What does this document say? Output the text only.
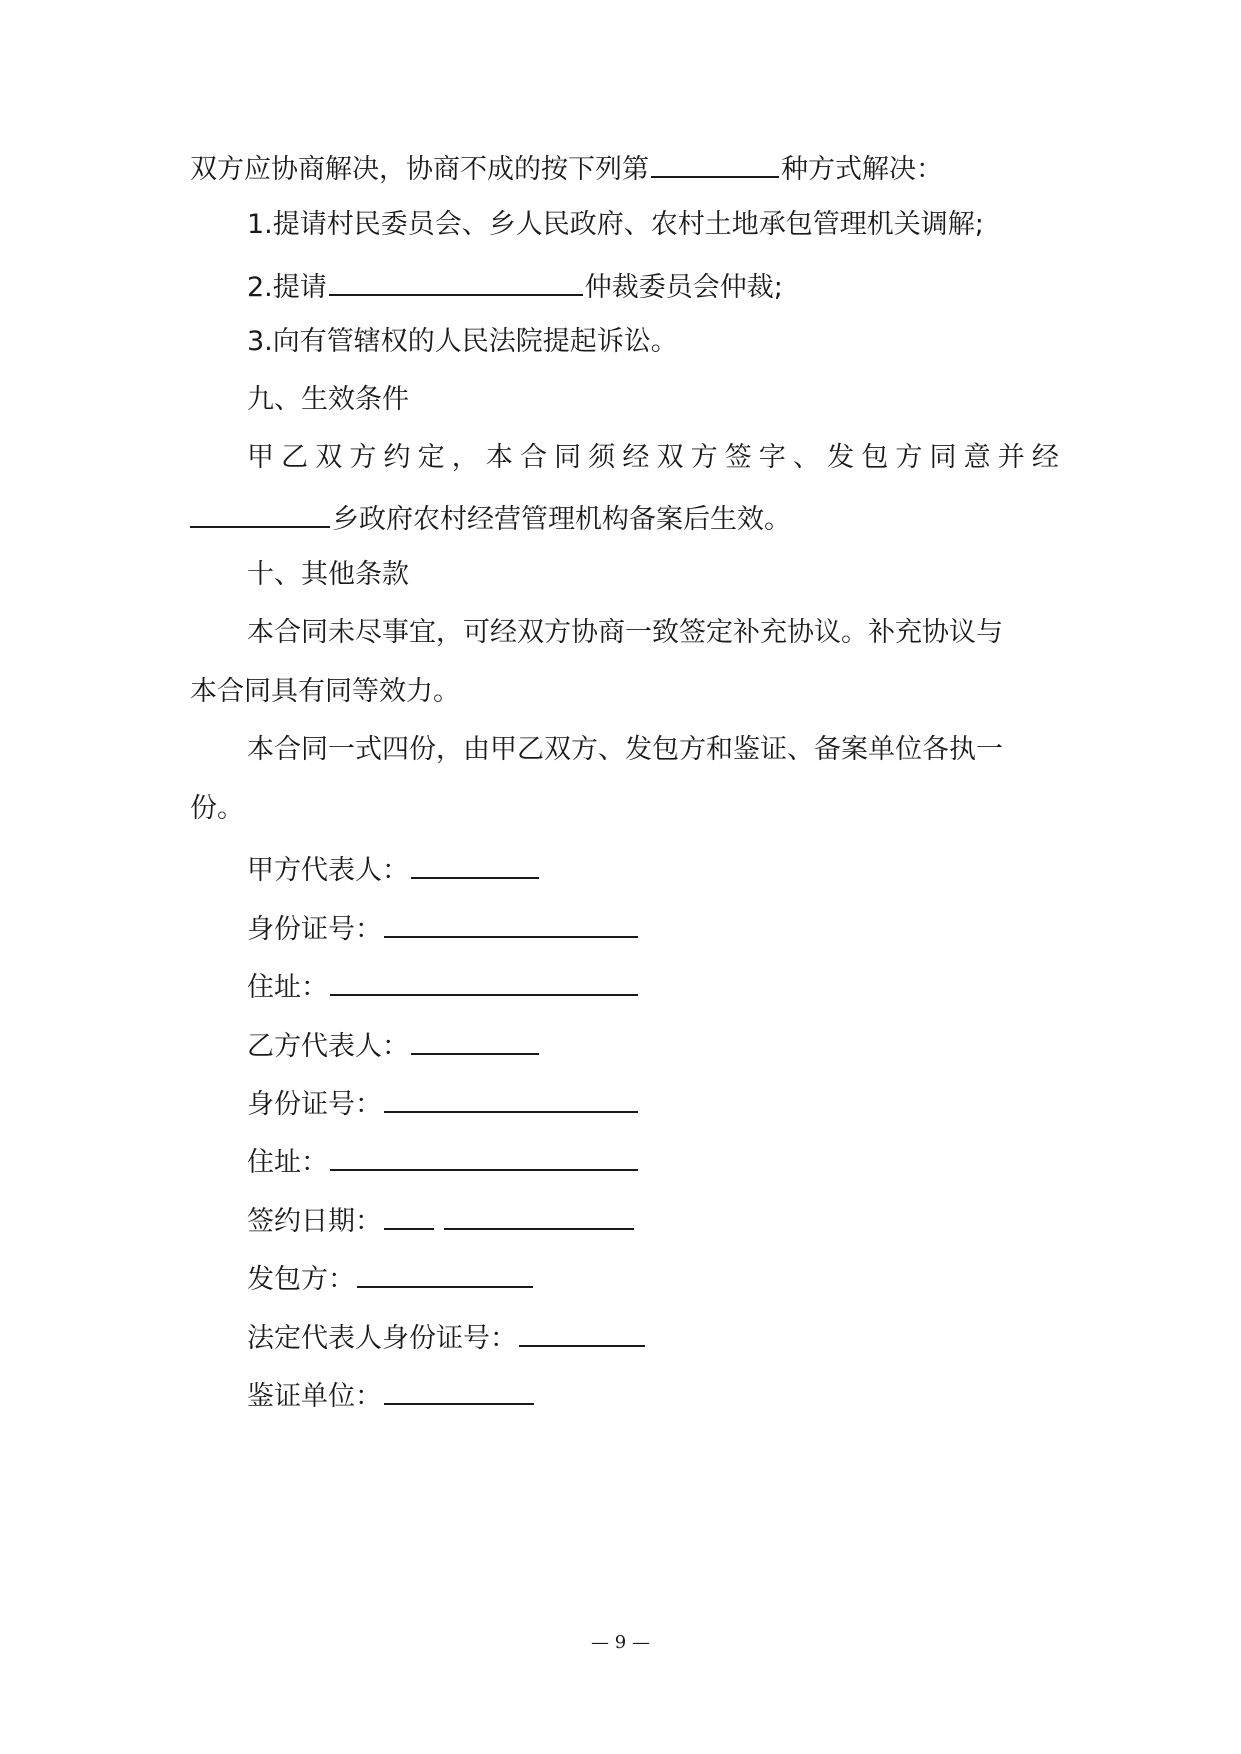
双方应协商解决，协商不成的按下列第	种方式解决：
1.提请村民委员会、乡人民政府、农村土地承包管理机关调解;
2.提请	仲裁委员会仲裁;
3.向有管辖权的人民法院提起诉讼。
九、生效条件
甲 乙 双 方 约 定 ， 本 合 同 须 经 双 方 签 字 、 发 包 方 同 意 并 经
乡政府农村经营管理机构备案后生效。
十、其他条款
本合同未尽事宜，可经双方协商一致签定补充协议。补充协议与
本合同具有同等效力。
本合同一式四份，由甲乙双方、发包方和鉴证、备案单位各执一
份。
甲方代表人：
身份证号：
住址：
乙方代表人：
身份证号：
住址：
签约日期：
发包方：
法定代表人身份证号：
鉴证单位：
— 9 —
